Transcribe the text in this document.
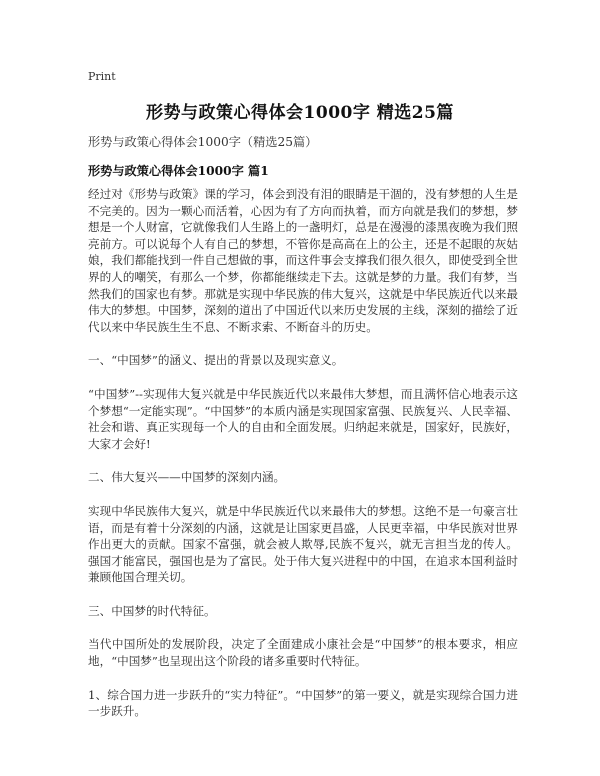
Print
形势与政策心得体会1000字 精选25篇
形势与政策心得体会1000字（精选25篇）
形势与政策心得体会1000字 篇1

经过对《形势与政策》课的学习，体会到没有泪的眼睛是干涸的，没有梦想的人生是不完美的。因为一颗心而活着，心因为有了方向而执着，而方向就是我们的梦想，梦想是一个人财富，它就像我们人生路上的一盏明灯，总是在漫漫的漆黑夜晚为我们照亮前方。可以说每个人有自己的梦想，不管你是高高在上的公主，还是不起眼的灰姑娘，我们都能找到一件自己想做的事，而这件事会支撑我们很久很久，即使受到全世界的人的嘲笑，有那么一个梦，你都能继续走下去。这就是梦的力量。我们有梦，当然我们的国家也有梦。那就是实现中华民族的伟大复兴，这就是中华民族近代以来最伟大的梦想。中国梦，深刻的道出了中国近代以来历史发展的主线，深刻的描绘了近代以来中华民族生生不息、不断求索、不断奋斗的历史。

一、“中国梦”的涵义、提出的背景以及现实意义。

“中国梦”--实现伟大复兴就是中华民族近代以来最伟大梦想，而且满怀信心地表示这个梦想“一定能实现”。“中国梦”的本质内涵是实现国家富强、民族复兴、人民幸福、社会和谐、真正实现每一个人的自由和全面发展。归纳起来就是，国家好，民族好，大家才会好!

二、伟大复兴——中国梦的深刻内涵。

实现中华民族伟大复兴，就是中华民族近代以来最伟大的梦想。这绝不是一句豪言壮语，而是有着十分深刻的内涵，这就是让国家更昌盛，人民更幸福，中华民族对世界作出更大的贡献。国家不富强，就会被人欺辱,民族不复兴，就无言担当龙的传人。强国才能富民，强国也是为了富民。处于伟大复兴进程中的中国，在追求本国利益时兼顾他国合理关切。

三、中国梦的时代特征。

当代中国所处的发展阶段，决定了全面建成小康社会是“中国梦”的根本要求，相应地，“中国梦”也呈现出这个阶段的诸多重要时代特征。

1、综合国力进一步跃升的“实力特征”。“中国梦”的第一要义，就是实现综合国力进一步跃升。
